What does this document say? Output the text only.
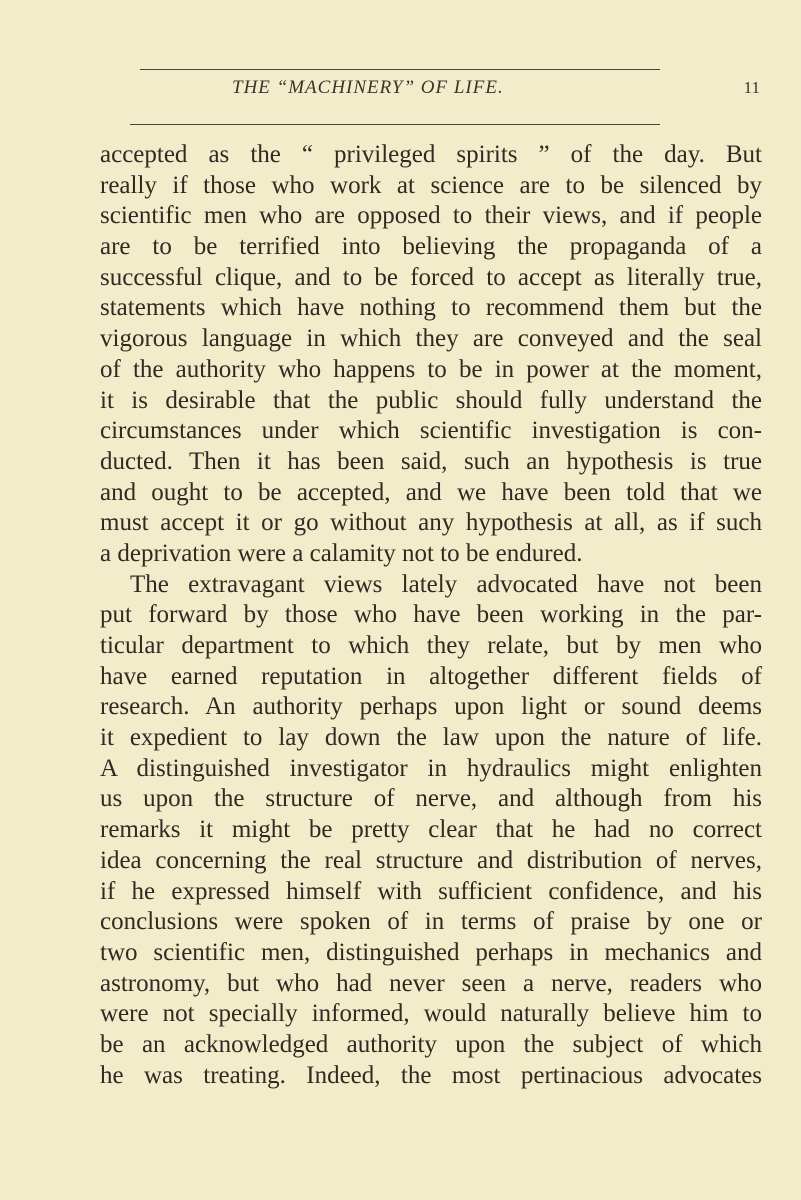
THE “MACHINERY” OF LIFE.	11
accepted as the “ privileged spirits ” of the day. But
really if those who work at science are to be silenced by
scientific men who are opposed to their views, and if people
are to be terrified into believing the propaganda of a
successful clique, and to be forced to accept as literally true,
statements which have nothing to recommend them but the
vigorous language in which they are conveyed and the seal
of the authority who happens to be in power at the moment,
it is desirable that the public should fully understand the
circumstances under which scientific investigation is con-
ducted. Then it has been said, such an hypothesis is true
and ought to be accepted, and we have been told that we
must accept it or go without any hypothesis at all, as if such
a deprivation were a calamity not to be endured.
The extravagant views lately advocated have not been
put forward by those who have been working in the par-
ticular department to which they relate, but by men who
have earned reputation in altogether different fields of
research. An authority perhaps upon light or sound deems
it expedient to lay down the law upon the nature of life.
A distinguished investigator in hydraulics might enlighten
us upon the structure of nerve, and although from his
remarks it might be pretty clear that he had no correct
idea concerning the real structure and distribution of nerves,
if he expressed himself with sufficient confidence, and his
conclusions were spoken of in terms of praise by one or
two scientific men, distinguished perhaps in mechanics and
astronomy, but who had never seen a nerve, readers who
were not specially informed, would naturally believe him to
be an acknowledged authority upon the subject of which
he was treating. Indeed, the most pertinacious advocates
